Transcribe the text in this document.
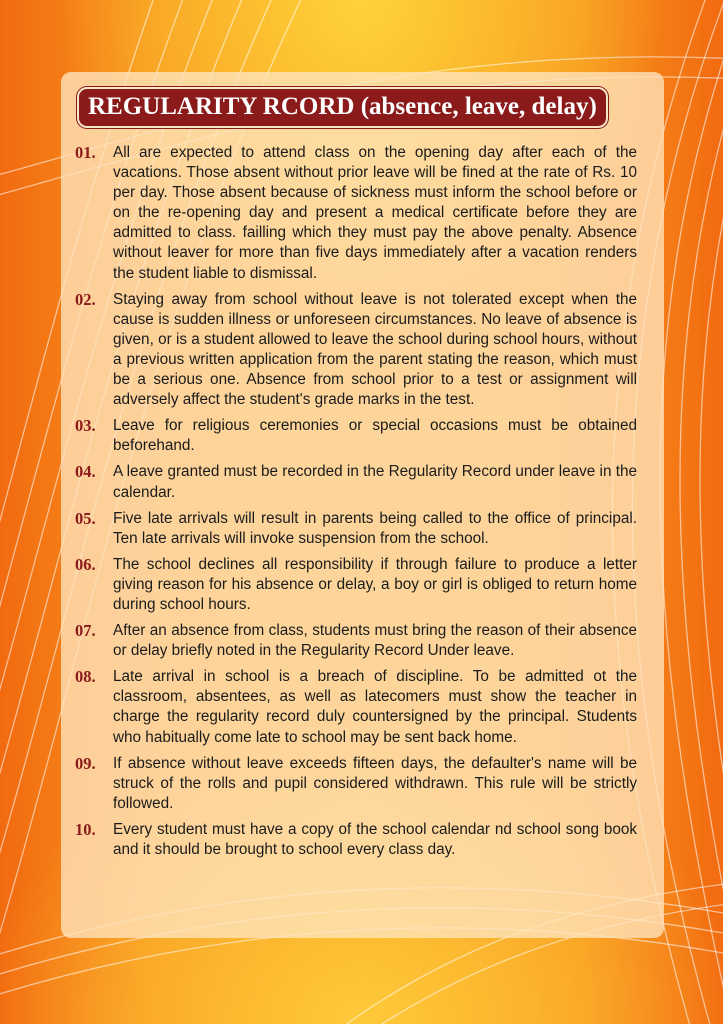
REGULARITY RCORD (absence, leave, delay)
01. All are expected to attend class on the opening day after each of the vacations. Those absent without prior leave will be fined at the rate of Rs. 10 per day. Those absent because of sickness must inform the school before or on the re-opening day and present a medical certificate before they are admitted to class. failling which they must pay the above penalty. Absence without leaver for more than five days immediately after a vacation renders the student liable to dismissal.
02. Staying away from school without leave is not tolerated except when the cause is sudden illness or unforeseen circumstances. No leave of absence is given, or is a student allowed to leave the school during school hours, without a previous written application from the parent stating the reason, which must be a serious one. Absence from school prior to a test or assignment will adversely affect the student's grade marks in the test.
03. Leave for religious ceremonies or special occasions must be obtained beforehand.
04. A leave granted must be recorded in the Regularity Record under leave in the calendar.
05. Five late arrivals will result in parents being called to the office of principal. Ten late arrivals will invoke suspension from the school.
06. The school declines all responsibility if through failure to produce a letter giving reason for his absence or delay, a boy or girl is obliged to return home during school hours.
07. After an absence from class, students must bring the reason of their absence or delay briefly noted in the Regularity Record Under leave.
08. Late arrival in school is a breach of discipline. To be admitted ot the classroom, absentees, as well as latecomers must show the teacher in charge the regularity record duly countersigned by the principal. Students who habitually come late to school may be sent back home.
09. If absence without leave exceeds fifteen days, the defaulter's name will be struck of the rolls and pupil considered withdrawn. This rule will be strictly followed.
10. Every student must have a copy of the school calendar nd school song book and it should be brought to school every class day.
